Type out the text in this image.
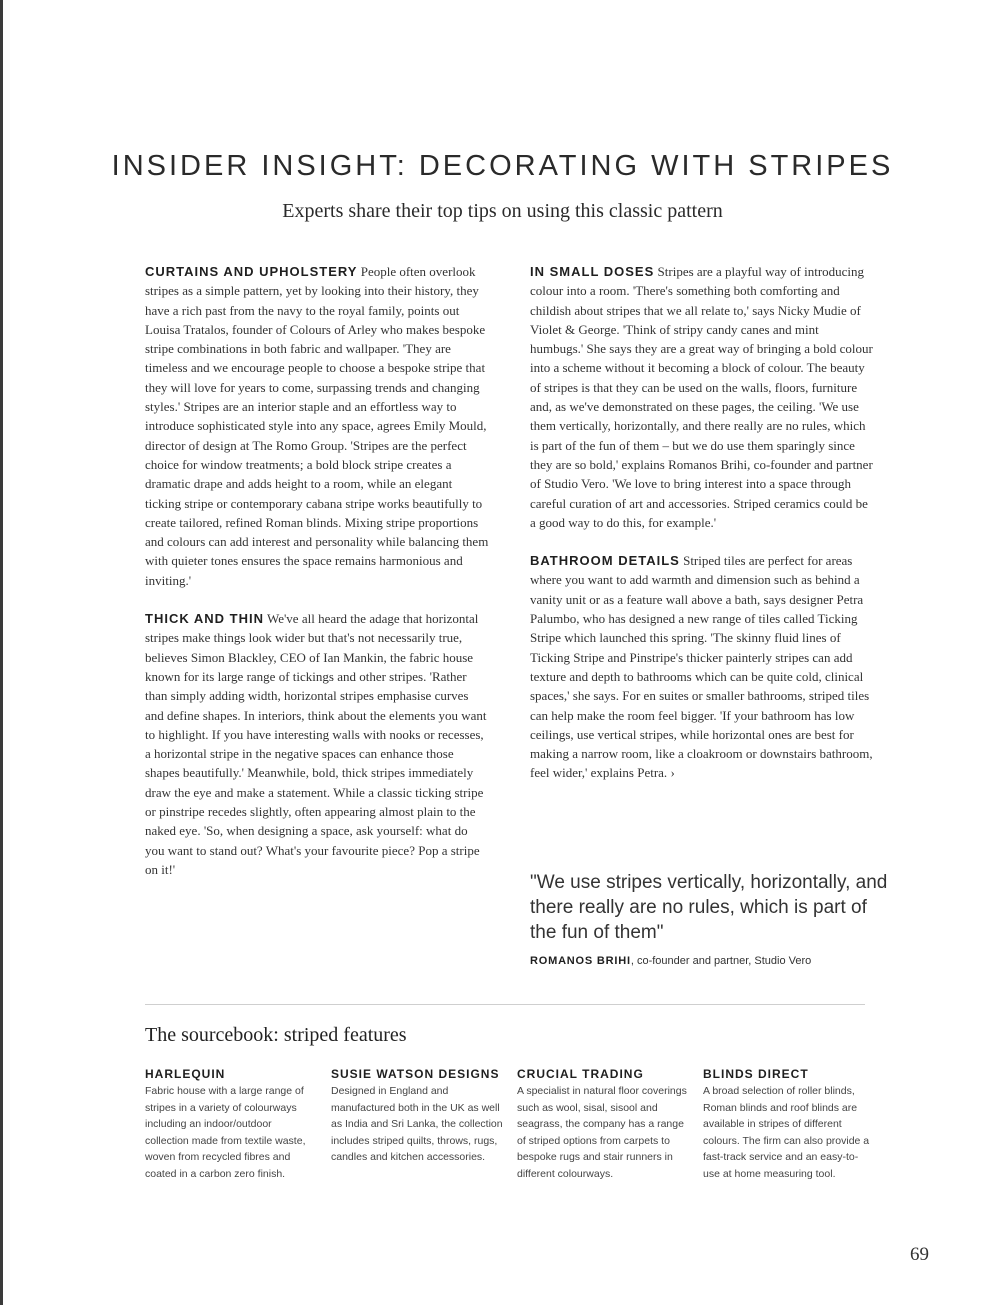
INSIDER INSIGHT: DECORATING WITH STRIPES
Experts share their top tips on using this classic pattern

CURTAINS AND UPHOLSTERY People often overlook stripes as a simple pattern, yet by looking into their history, they have a rich past from the navy to the royal family, points out Louisa Tratalos, founder of Colours of Arley who makes bespoke stripe combinations in both fabric and wallpaper. 'They are timeless and we encourage people to choose a bespoke stripe that they will love for years to come, surpassing trends and changing styles.' Stripes are an interior staple and an effortless way to introduce sophisticated style into any space, agrees Emily Mould, director of design at The Romo Group. 'Stripes are the perfect choice for window treatments; a bold block stripe creates a dramatic drape and adds height to a room, while an elegant ticking stripe or contemporary cabana stripe works beautifully to create tailored, refined Roman blinds. Mixing stripe proportions and colours can add interest and personality while balancing them with quieter tones ensures the space remains harmonious and inviting.'

THICK AND THIN We've all heard the adage that horizontal stripes make things look wider but that's not necessarily true, believes Simon Blackley, CEO of Ian Mankin, the fabric house known for its large range of tickings and other stripes. 'Rather than simply adding width, horizontal stripes emphasise curves and define shapes. In interiors, think about the elements you want to highlight. If you have interesting walls with nooks or recesses, a horizontal stripe in the negative spaces can enhance those shapes beautifully.' Meanwhile, bold, thick stripes immediately draw the eye and make a statement. While a classic ticking stripe or pinstripe recedes slightly, often appearing almost plain to the naked eye. 'So, when designing a space, ask yourself: what do you want to stand out? What's your favourite piece? Pop a stripe on it!'

IN SMALL DOSES Stripes are a playful way of introducing colour into a room. 'There's something both comforting and childish about stripes that we all relate to,' says Nicky Mudie of Violet & George. 'Think of stripy candy canes and mint humbugs.' She says they are a great way of bringing a bold colour into a scheme without it becoming a block of colour. The beauty of stripes is that they can be used on the walls, floors, furniture and, as we've demonstrated on these pages, the ceiling. 'We use them vertically, horizontally, and there really are no rules, which is part of the fun of them – but we do use them sparingly since they are so bold,' explains Romanos Brihi, co-founder and partner of Studio Vero. 'We love to bring interest into a space through careful curation of art and accessories. Striped ceramics could be a good way to do this, for example.'

BATHROOM DETAILS Striped tiles are perfect for areas where you want to add warmth and dimension such as behind a vanity unit or as a feature wall above a bath, says designer Petra Palumbo, who has designed a new range of tiles called Ticking Stripe which launched this spring. 'The skinny fluid lines of Ticking Stripe and Pinstripe's thicker painterly stripes can add texture and depth to bathrooms which can be quite cold, clinical spaces,' she says. For en suites or smaller bathrooms, striped tiles can help make the room feel bigger. 'If your bathroom has low ceilings, use vertical stripes, while horizontal ones are best for making a narrow room, like a cloakroom or downstairs bathroom, feel wider,' explains Petra. ›

"We use stripes vertically, horizontally, and there really are no rules, which is part of the fun of them"
ROMANOS BRIHI, co-founder and partner, Studio Vero
The sourcebook: striped features
HARLEQUIN
Fabric house with a large range of stripes in a variety of colourways including an indoor/outdoor collection made from textile waste, woven from recycled fibres and coated in a carbon zero finish.
SUSIE WATSON DESIGNS
Designed in England and manufactured both in the UK as well as India and Sri Lanka, the collection includes striped quilts, throws, rugs, candles and kitchen accessories.
CRUCIAL TRADING
A specialist in natural floor coverings such as wool, sisal, sisool and seagrass, the company has a range of striped options from carpets to bespoke rugs and stair runners in different colourways.
BLINDS DIRECT
A broad selection of roller blinds, Roman blinds and roof blinds are available in stripes of different colours. The firm can also provide a fast-track service and an easy-to-use at home measuring tool.
69
